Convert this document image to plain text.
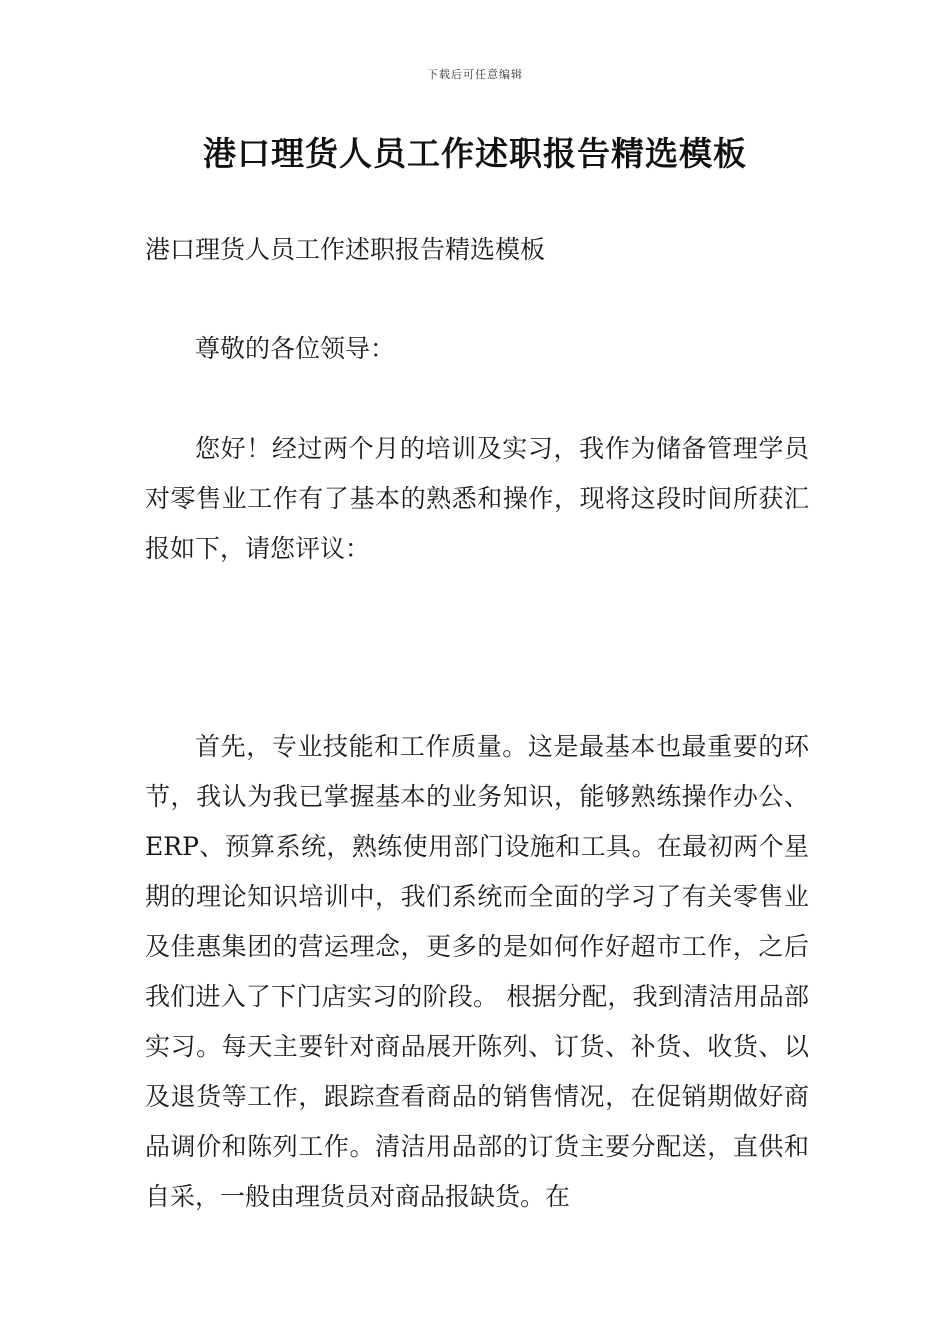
下载后可任意编辑
港口理货人员工作述职报告精选模板
港口理货人员工作述职报告精选模板
尊敬的各位领导：
您好！经过两个月的培训及实习，我作为储备管理学员对零售业工作有了基本的熟悉和操作，现将这段时间所获汇报如下，请您评议：
首先，专业技能和工作质量。这是最基本也最重要的环节，我认为我已掌握基本的业务知识，能够熟练操作办公、ERP、预算系统，熟练使用部门设施和工具。在最初两个星期的理论知识培训中，我们系统而全面的学习了有关零售业及佳惠集团的营运理念，更多的是如何作好超市工作，之后我们进入了下门店实习的阶段。 根据分配，我到清洁用品部实习。每天主要针对商品展开陈列、订货、补货、收货、以及退货等工作，跟踪查看商品的销售情况，在促销期做好商品调价和陈列工作。清洁用品部的订货主要分配送，直供和自采，一般由理货员对商品报缺货。在
